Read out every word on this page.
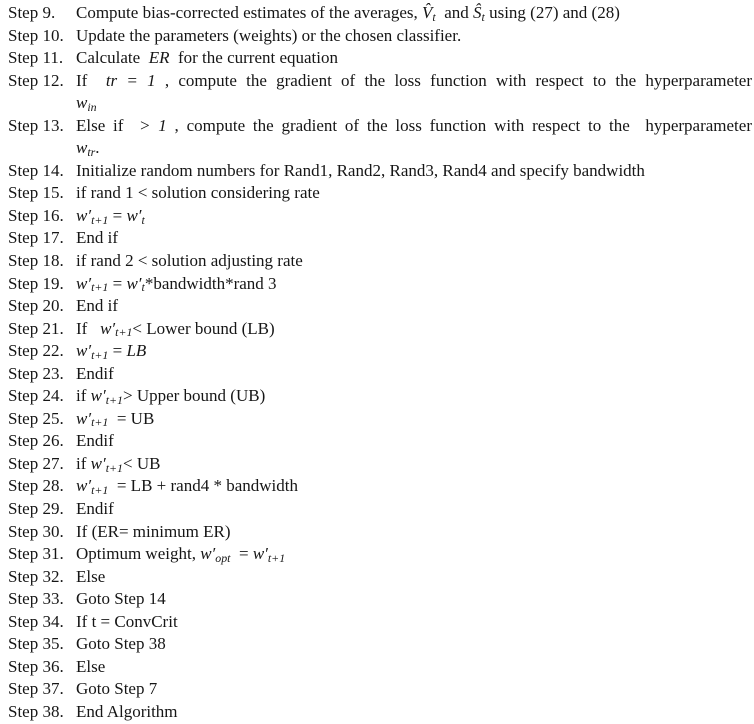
Step 9.	Compute bias-corrected estimates of the averages, V̂t  and Ŝt using (27) and (28)
Step 10. Update the parameters (weights) or the chosen classifier.
Step 11. Calculate  ER  for the current equation
Step 12. If  tr = 1 , compute the gradient of the loss function with respect to the hyperparameter
win
Step 13. Else if  > 1 , compute the gradient of the loss function with respect to the  hyperparameter
wtr.
Step 14. Initialize random numbers for Rand1, Rand2, Rand3, Rand4 and specify bandwidth
Step 15. if rand 1 < solution considering rate
Step 16. w′t+1 = w′t
Step 17. End if
Step 18. if rand 2 < solution adjusting rate
Step 19. w′t+1 = w′t*bandwidth*rand 3
Step 20. End if
Step 21. If   w′t+1< Lower bound (LB)
Step 22. w′t+1 = LB
Step 23. Endif
Step 24. if w′t+1> Upper bound (UB)
Step 25. w′t+1  = UB
Step 26. Endif
Step 27. if w′t+1< UB
Step 28. w′t+1  = LB + rand4 * bandwidth
Step 29. Endif
Step 30. If (ER= minimum ER)
Step 31. Optimum weight, w′opt  = w′t+1
Step 32. Else
Step 33. Goto Step 14
Step 34. If t = ConvCrit
Step 35. Goto Step 38
Step 36. Else
Step 37. Goto Step 7
Step 38. End Algorithm
